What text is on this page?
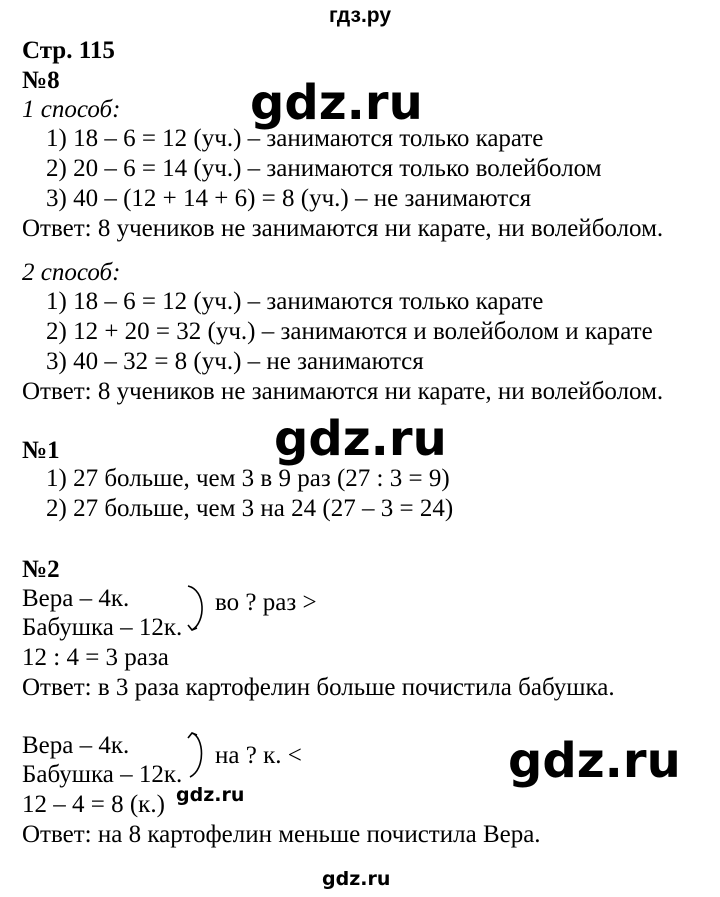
гдз.ру
Стр. 115
№8
1 способ:
1) 18 – 6 = 12 (уч.) – занимаются только карате
2) 20 – 6 = 14 (уч.) – занимаются только волейболом
3) 40 – (12 + 14 + 6) = 8 (уч.) – не занимаются
Ответ: 8 учеников не занимаются ни карате, ни волейболом.
2 способ:
1) 18 – 6 = 12 (уч.) – занимаются только карате
2) 12 + 20 = 32 (уч.) – занимаются и волейболом и карате
3) 40 – 32 = 8 (уч.) – не занимаются
Ответ: 8 учеников не занимаются ни карате, ни волейболом.
№1
1) 27 больше, чем 3 в 9 раз (27 : 3 = 9)
2) 27 больше, чем 3 на 24 (27 – 3 = 24)
№2
Вера – 4к.
Бабушка – 12к.
во ? раз >
12 : 4 = 3 раза
Ответ: в 3 раза картофелин больше почистила бабушка.
Вера – 4к.
Бабушка – 12к.
на ? к. <
12 – 4 = 8 (к.)
Ответ: на 8 картофелин меньше почистила Вера.
gdz.ru
gdz.ru
gdz.ru
gdz.ru
gdz.ru
